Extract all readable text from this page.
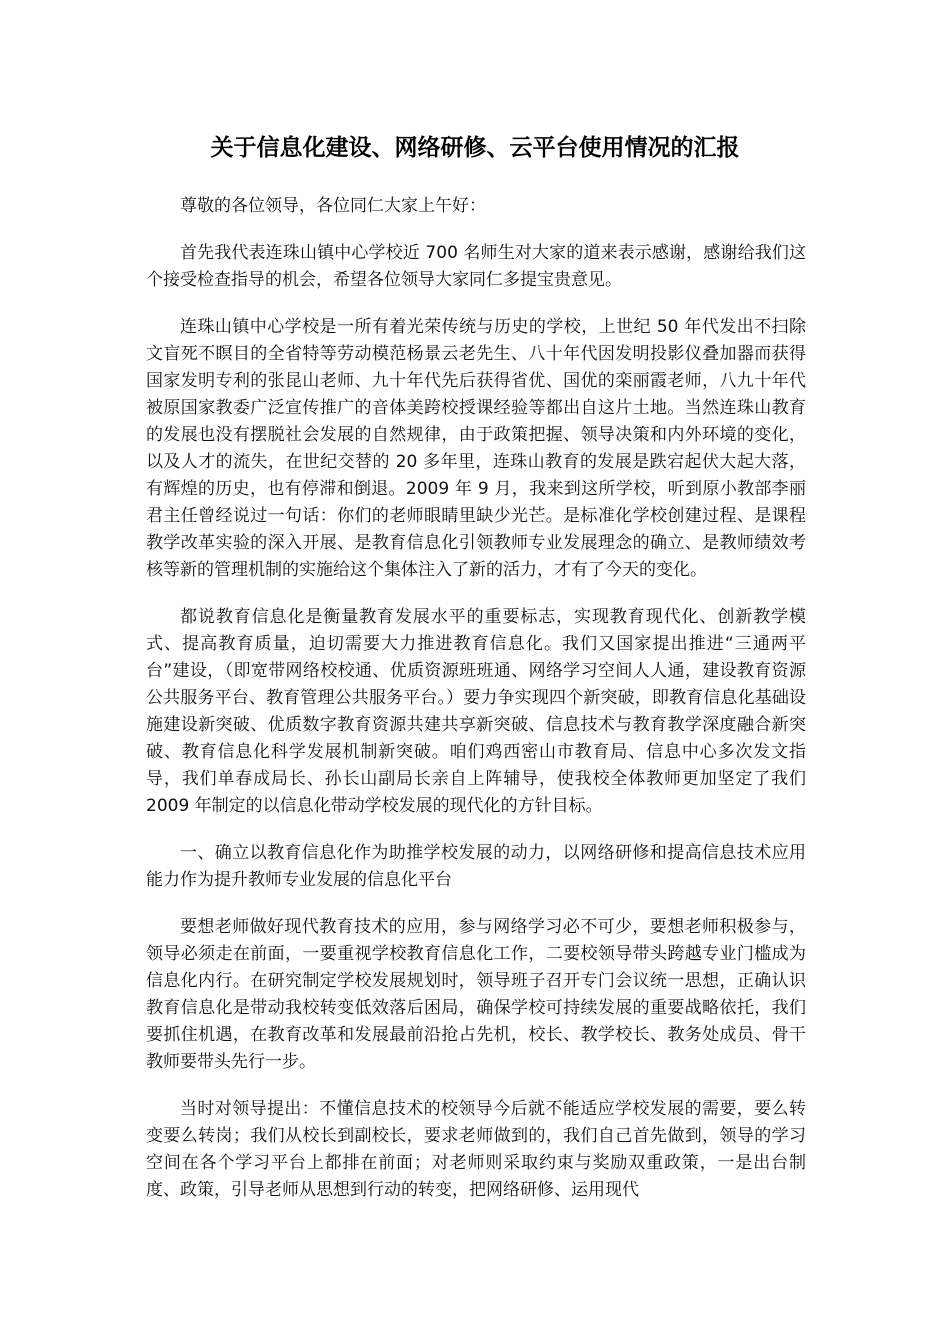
关于信息化建设、网络研修、云平台使用情况的汇报

尊敬的各位领导，各位同仁大家上午好：

首先我代表连珠山镇中心学校近 700 名师生对大家的道来表示感谢，感谢给我们这个接受检查指导的机会，希望各位领导大家同仁多提宝贵意见。

连珠山镇中心学校是一所有着光荣传统与历史的学校，上世纪 50 年代发出不扫除文盲死不瞑目的全省特等劳动模范杨景云老先生、八十年代因发明投影仪叠加器而获得国家发明专利的张昆山老师、九十年代先后获得省优、国优的栾丽霞老师，八九十年代被原国家教委广泛宣传推广的音体美跨校授课经验等都出自这片土地。当然连珠山教育的发展也没有摆脱社会发展的自然规律，由于政策把握、领导决策和内外环境的变化，以及人才的流失，在世纪交替的 20 多年里，连珠山教育的发展是跌宕起伏大起大落，有辉煌的历史，也有停滞和倒退。2009 年 9 月，我来到这所学校，听到原小教部李丽君主任曾经说过一句话：你们的老师眼睛里缺少光芒。是标准化学校创建过程、是课程教学改革实验的深入开展、是教育信息化引领教师专业发展理念的确立、是教师绩效考核等新的管理机制的实施给这个集体注入了新的活力，才有了今天的变化。

都说教育信息化是衡量教育发展水平的重要标志，实现教育现代化、创新教学模式、提高教育质量，迫切需要大力推进教育信息化。我们又国家提出推进“三通两平台”建设，（即宽带网络校校通、优质资源班班通、网络学习空间人人通，建设教育资源公共服务平台、教育管理公共服务平台。）要力争实现四个新突破，即教育信息化基础设施建设新突破、优质数字教育资源共建共享新突破、信息技术与教育教学深度融合新突破、教育信息化科学发展机制新突破。咱们鸡西密山市教育局、信息中心多次发文指导，我们单春成局长、孙长山副局长亲自上阵辅导，使我校全体教师更加坚定了我们 2009 年制定的以信息化带动学校发展的现代化的方针目标。

一、确立以教育信息化作为助推学校发展的动力，以网络研修和提高信息技术应用能力作为提升教师专业发展的信息化平台

要想老师做好现代教育技术的应用，参与网络学习必不可少，要想老师积极参与，领导必须走在前面，一要重视学校教育信息化工作，二要校领导带头跨越专业门槛成为信息化内行。在研究制定学校发展规划时，领导班子召开专门会议统一思想，正确认识教育信息化是带动我校转变低效落后困局，确保学校可持续发展的重要战略依托，我们要抓住机遇，在教育改革和发展最前沿抢占先机，校长、教学校长、教务处成员、骨干教师要带头先行一步。

当时对领导提出：不懂信息技术的校领导今后就不能适应学校发展的需要，要么转变要么转岗；我们从校长到副校长，要求老师做到的，我们自己首先做到，领导的学习空间在各个学习平台上都排在前面；对老师则采取约束与奖励双重政策，一是出台制度、政策，引导老师从思想到行动的转变，把网络研修、运用现代
